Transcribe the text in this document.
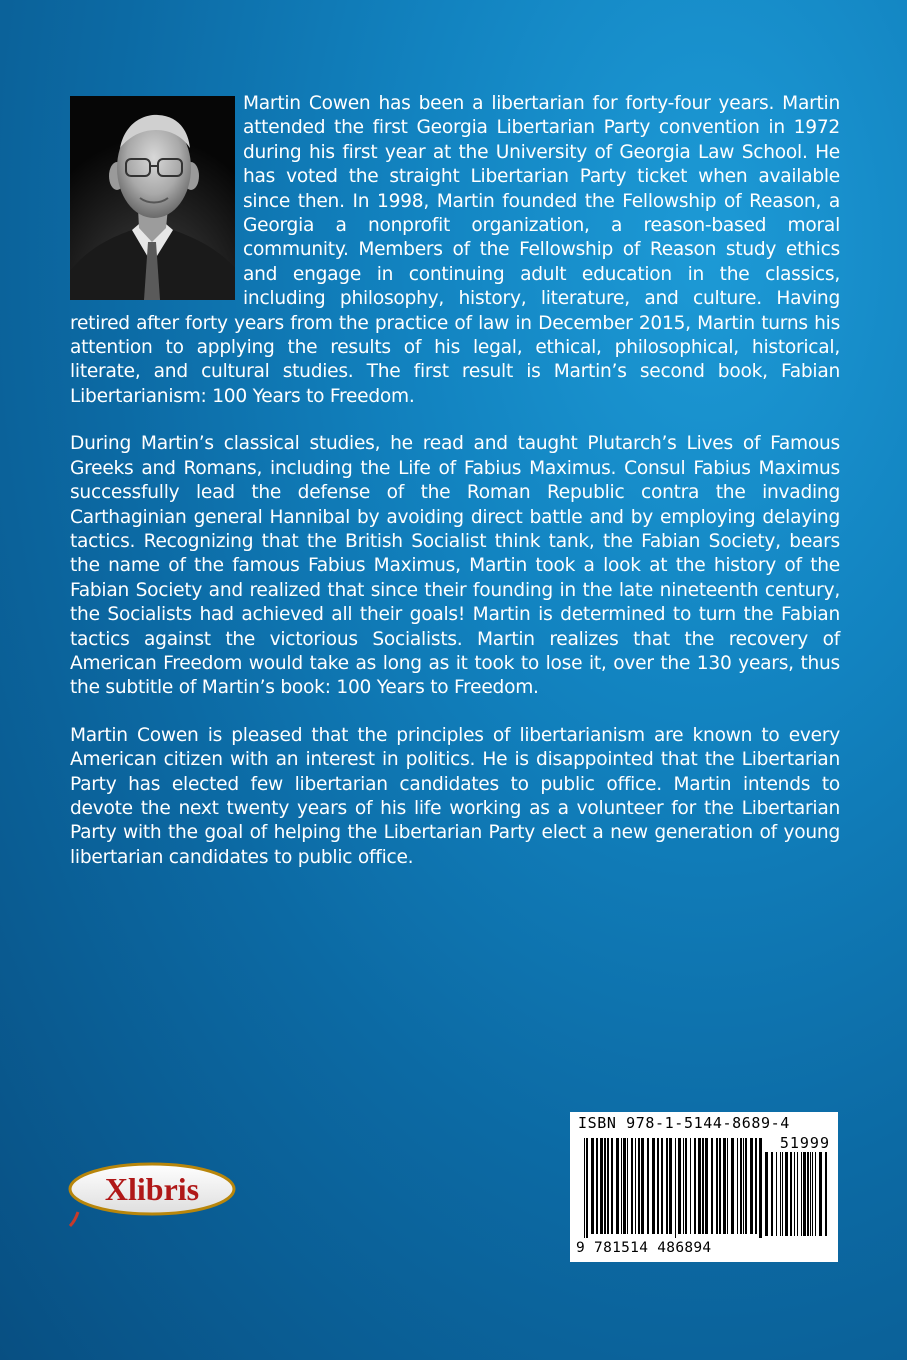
Martin Cowen has been a libertarian for forty-four years. Martin attended the first Georgia Libertarian Party convention in 1972 during his first year at the University of Georgia Law School. He has voted the straight Libertarian Party ticket when available since then. In 1998, Martin founded the Fellowship of Reason, a Georgia a nonprofit organization, a reason-based moral community. Members of the Fellowship of Reason study ethics and engage in continuing adult education in the classics, including philosophy, history, literature, and culture. Having retired after forty years from the practice of law in December 2015, Martin turns his attention to applying the results of his legal, ethical, philosophical, historical, literate, and cultural studies. The first result is Martin’s second book, Fabian Libertarianism: 100 Years to Freedom.

During Martin’s classical studies, he read and taught Plutarch’s Lives of Famous Greeks and Romans, including the Life of Fabius Maximus. Consul Fabius Maximus successfully lead the defense of the Roman Republic contra the invading Carthaginian general Hannibal by avoiding direct battle and by employing delaying tactics. Recognizing that the British Socialist think tank, the Fabian Society, bears the name of the famous Fabius Maximus, Martin took a look at the history of the Fabian Society and realized that since their founding in the late nineteenth century, the Socialists had achieved all their goals! Martin is determined to turn the Fabian tactics against the victorious Socialists. Martin realizes that the recovery of American Freedom would take as long as it took to lose it, over the 130 years, thus the subtitle of Martin’s book: 100 Years to Freedom.

Martin Cowen is pleased that the principles of libertarianism are known to every American citizen with an interest in politics. He is disappointed that the Libertarian Party has elected few libertarian candidates to public office. Martin intends to devote the next twenty years of his life working as a volunteer for the Libertarian Party with the goal of helping the Libertarian Party elect a new generation of young libertarian candidates to public office.

Xlibris
ISBN 978-1-5144-8689-4
51999
9 781514 486894
